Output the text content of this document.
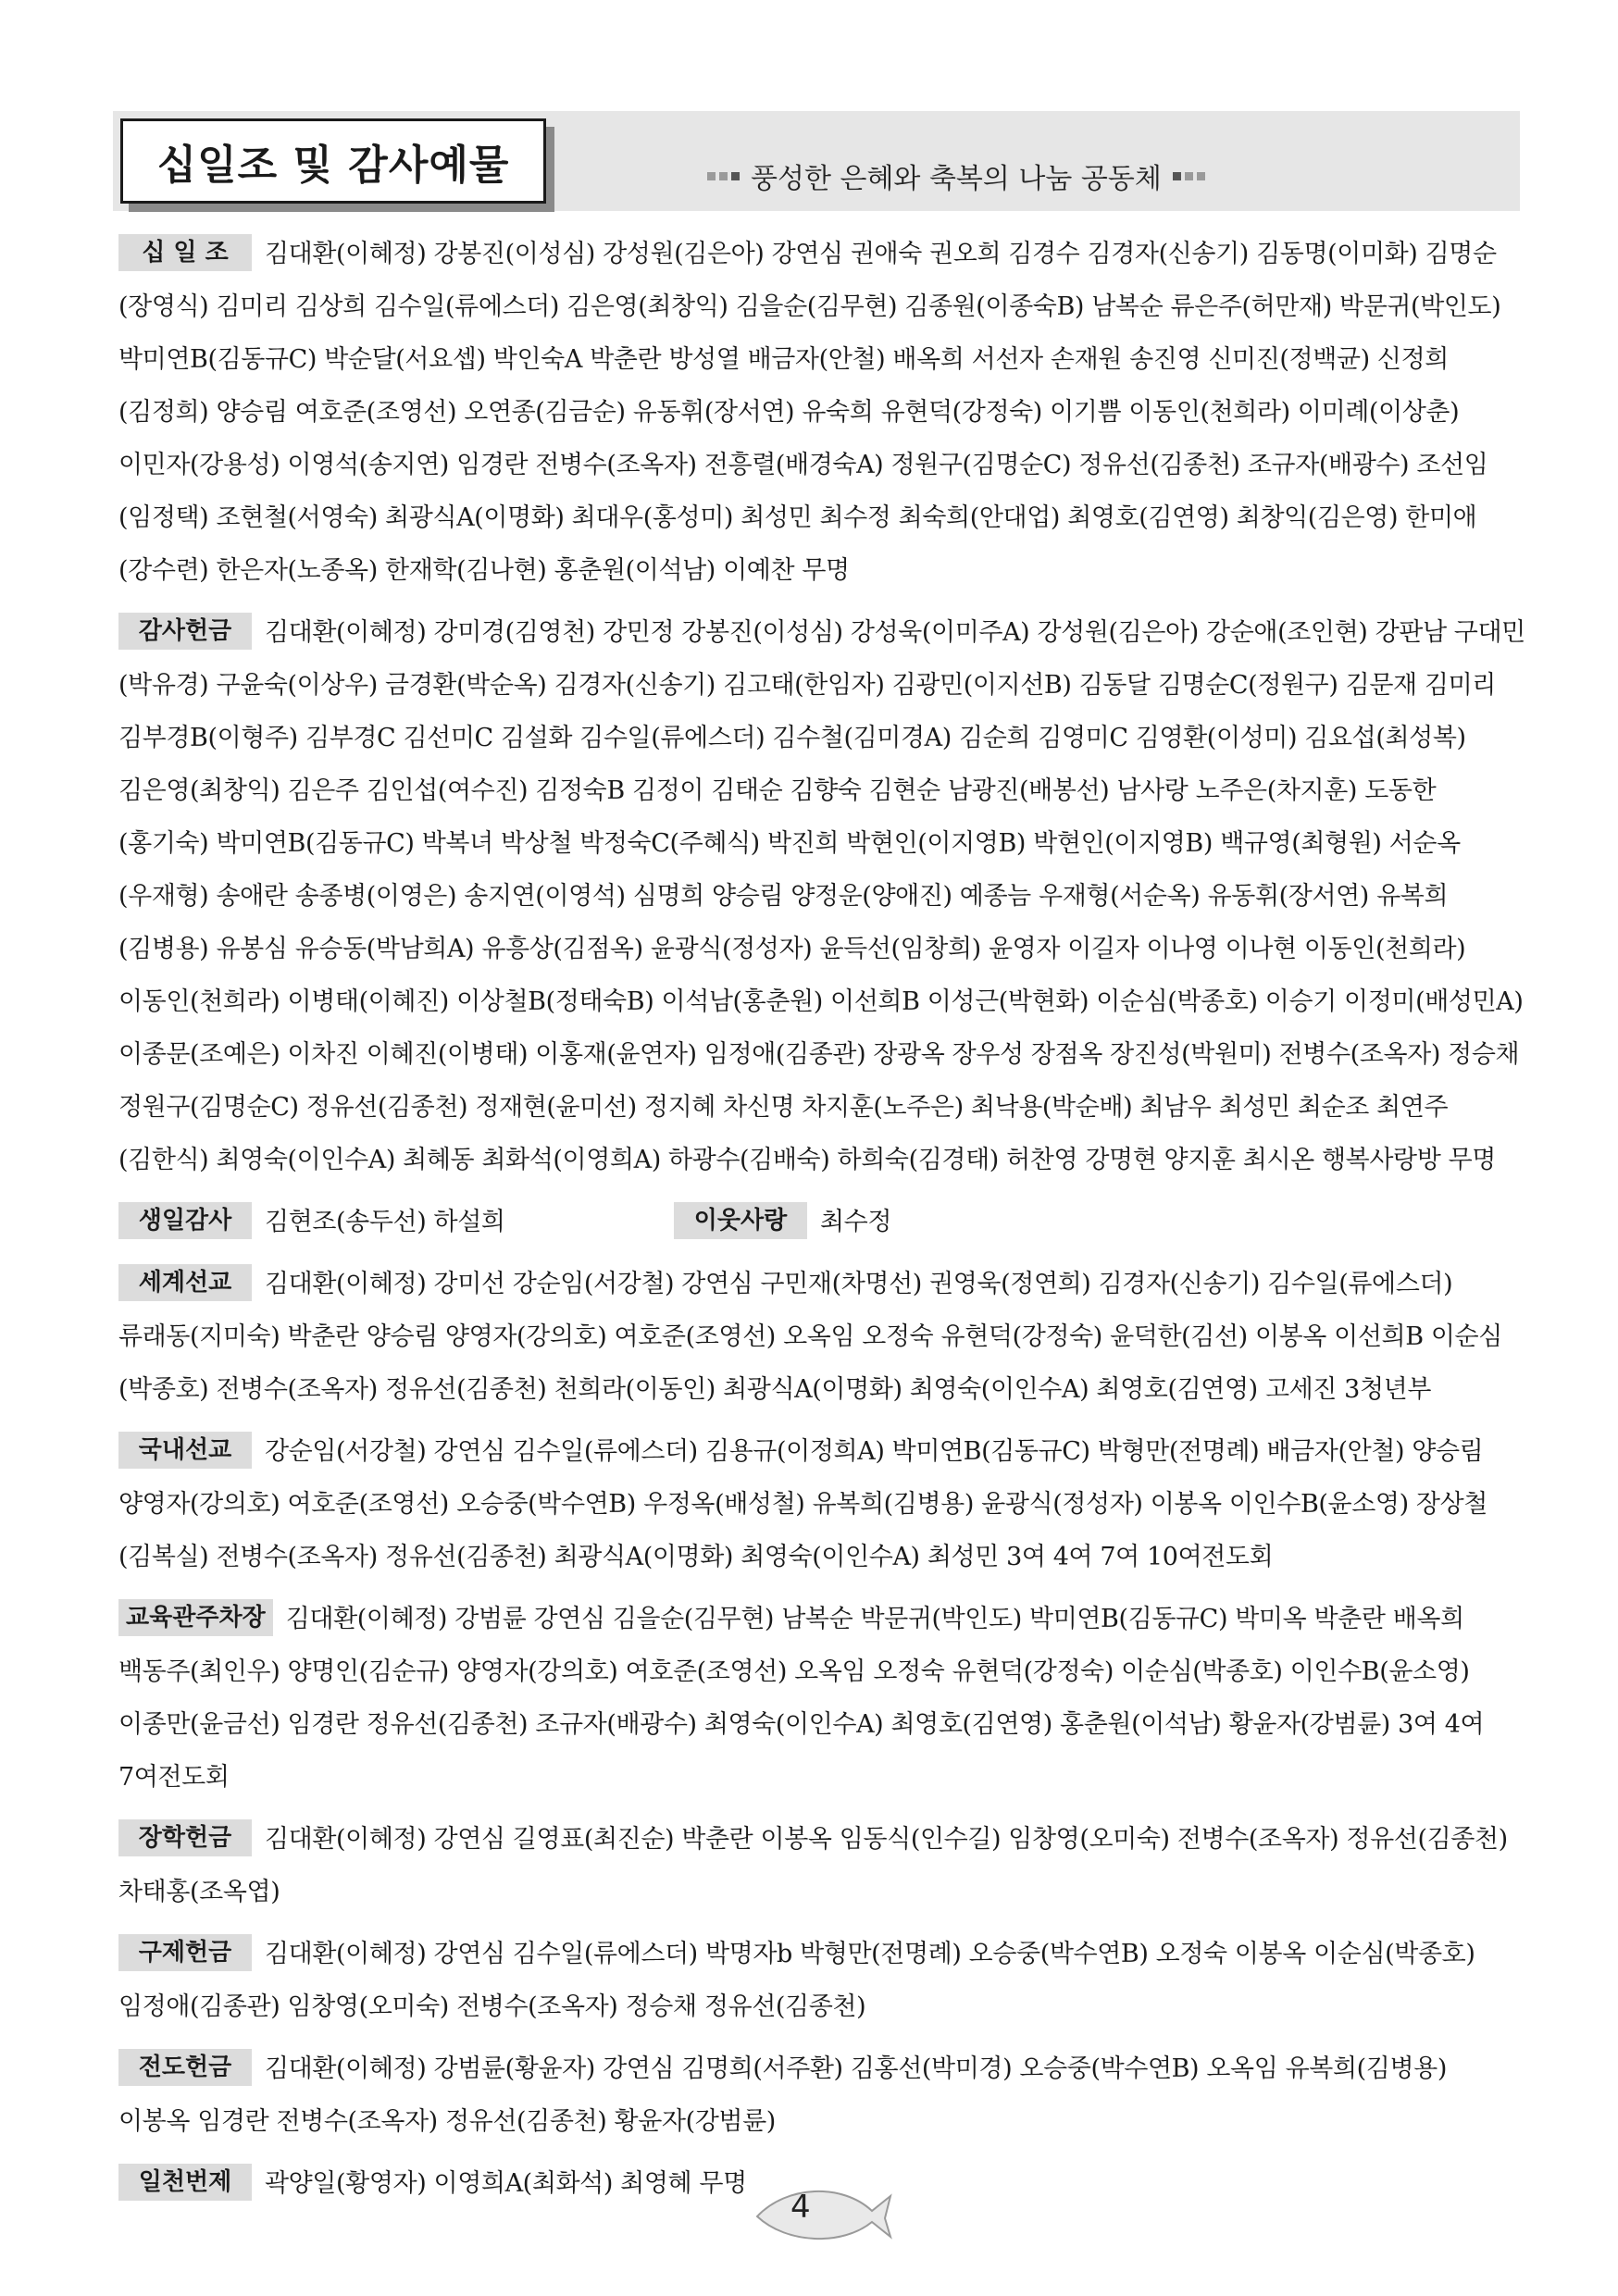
십일조 및 감사예물	풍성한 은혜와 축복의 나눔 공동체

십 일 조 김대환(이혜정) 강봉진(이성심) 강성원(김은아) 강연심 권애숙 권오희 김경수 김경자(신송기) 김동명(이미화) 김명순(장영식) 김미리 김상희 김수일(류에스더) 김은영(최창익) 김을순(김무현) 김종원(이종숙B) 남복순 류은주(허만재) 박문귀(박인도) 박미연B(김동규C) 박순달(서요셉) 박인숙A 박춘란 방성열 배금자(안철) 배옥희 서선자 손재원 송진영 신미진(정백균) 신정희(김정희) 양승림 여호준(조영선) 오연종(김금순) 유동휘(장서연) 유숙희 유현덕(강정숙) 이기쁨 이동인(천희라) 이미례(이상춘) 이민자(강용성) 이영석(송지연) 임경란 전병수(조옥자) 전흥렬(배경숙A) 정원구(김명순C) 정유선(김종천) 조규자(배광수) 조선임(임정택) 조현철(서영숙) 최광식A(이명화) 최대우(홍성미) 최성민 최수정 최숙희(안대업) 최영호(김연영) 최창익(김은영) 한미애(강수련) 한은자(노종옥) 한재학(김나현) 홍춘원(이석남) 이예찬 무명

감사헌금 김대환(이혜정) 강미경(김영천) 강민정 강봉진(이성심) 강성욱(이미주A) 강성원(김은아) 강순애(조인현) 강판남 구대민(박유경) 구윤숙(이상우) 금경환(박순옥) 김경자(신송기) 김고태(한임자) 김광민(이지선B) 김동달 김명순C(정원구) 김문재 김미리 김부경B(이형주) 김부경C 김선미C 김설화 김수일(류에스더) 김수철(김미경A) 김순희 김영미C 김영환(이성미) 김요섭(최성복) 김은영(최창익) 김은주 김인섭(여수진) 김정숙B 김정이 김태순 김향숙 김현순 남광진(배봉선) 남사랑 노주은(차지훈) 도동한(홍기숙) 박미연B(김동규C) 박복녀 박상철 박정숙C(주혜식) 박진희 박현인(이지영B) 박현인(이지영B) 백규영(최형원) 서순옥(우재형) 송애란 송종병(이영은) 송지연(이영석) 심명희 양승림 양정운(양애진) 예종늠 우재형(서순옥) 유동휘(장서연) 유복희(김병용) 유봉심 유승동(박남희A) 유흥상(김점옥) 윤광식(정성자) 윤득선(임창희) 윤영자 이길자 이나영 이나현 이동인(천희라) 이동인(천희라) 이병태(이혜진) 이상철B(정태숙B) 이석남(홍춘원) 이선희B 이성근(박현화) 이순심(박종호) 이승기 이정미(배성민A) 이종문(조예은) 이차진 이혜진(이병태) 이홍재(윤연자) 임정애(김종관) 장광옥 장우성 장점옥 장진성(박원미) 전병수(조옥자) 정승채 정원구(김명순C) 정유선(김종천) 정재현(윤미선) 정지혜 차신명 차지훈(노주은) 최낙용(박순배) 최남우 최성민 최순조 최연주(김한식) 최영숙(이인수A) 최혜동 최화석(이영희A) 하광수(김배숙) 하희숙(김경태) 허찬영 강명현 양지훈 최시온 행복사랑방 무명

생일감사 김현조(송두선) 하설희	이웃사랑 최수정

세계선교 김대환(이혜정) 강미선 강순임(서강철) 강연심 구민재(차명선) 권영욱(정연희) 김경자(신송기) 김수일(류에스더) 류래동(지미숙) 박춘란 양승림 양영자(강의호) 여호준(조영선) 오옥임 오정숙 유현덕(강정숙) 윤덕한(김선) 이봉옥 이선희B 이순심(박종호) 전병수(조옥자) 정유선(김종천) 천희라(이동인) 최광식A(이명화) 최영숙(이인수A) 최영호(김연영) 고세진 3청년부

국내선교 강순임(서강철) 강연심 김수일(류에스더) 김용규(이정희A) 박미연B(김동규C) 박형만(전명례) 배금자(안철) 양승림 양영자(강의호) 여호준(조영선) 오승중(박수연B) 우정옥(배성철) 유복희(김병용) 윤광식(정성자) 이봉옥 이인수B(윤소영) 장상철(김복실) 전병수(조옥자) 정유선(김종천) 최광식A(이명화) 최영숙(이인수A) 최성민 3여 4여 7여 10여전도회

교육관주차장 김대환(이혜정) 강범륜 강연심 김을순(김무현) 남복순 박문귀(박인도) 박미연B(김동규C) 박미옥 박춘란 배옥희 백동주(최인우) 양명인(김순규) 양영자(강의호) 여호준(조영선) 오옥임 오정숙 유현덕(강정숙) 이순심(박종호) 이인수B(윤소영) 이종만(윤금선) 임경란 정유선(김종천) 조규자(배광수) 최영숙(이인수A) 최영호(김연영) 홍춘원(이석남) 황윤자(강범륜) 3여 4여 7여전도회

장학헌금 김대환(이혜정) 강연심 길영표(최진순) 박춘란 이봉옥 임동식(인수길) 임창영(오미숙) 전병수(조옥자) 정유선(김종천) 차태홍(조옥엽)

구제헌금 김대환(이혜정) 강연심 김수일(류에스더) 박명자b 박형만(전명례) 오승중(박수연B) 오정숙 이봉옥 이순심(박종호) 임정애(김종관) 임창영(오미숙) 전병수(조옥자) 정승채 정유선(김종천)

전도헌금 김대환(이혜정) 강범륜(황윤자) 강연심 김명희(서주환) 김홍선(박미경) 오승중(박수연B) 오옥임 유복희(김병용) 이봉옥 임경란 전병수(조옥자) 정유선(김종천) 황윤자(강범륜)

일천번제 곽양일(황영자) 이영희A(최화석) 최영혜 무명

4
